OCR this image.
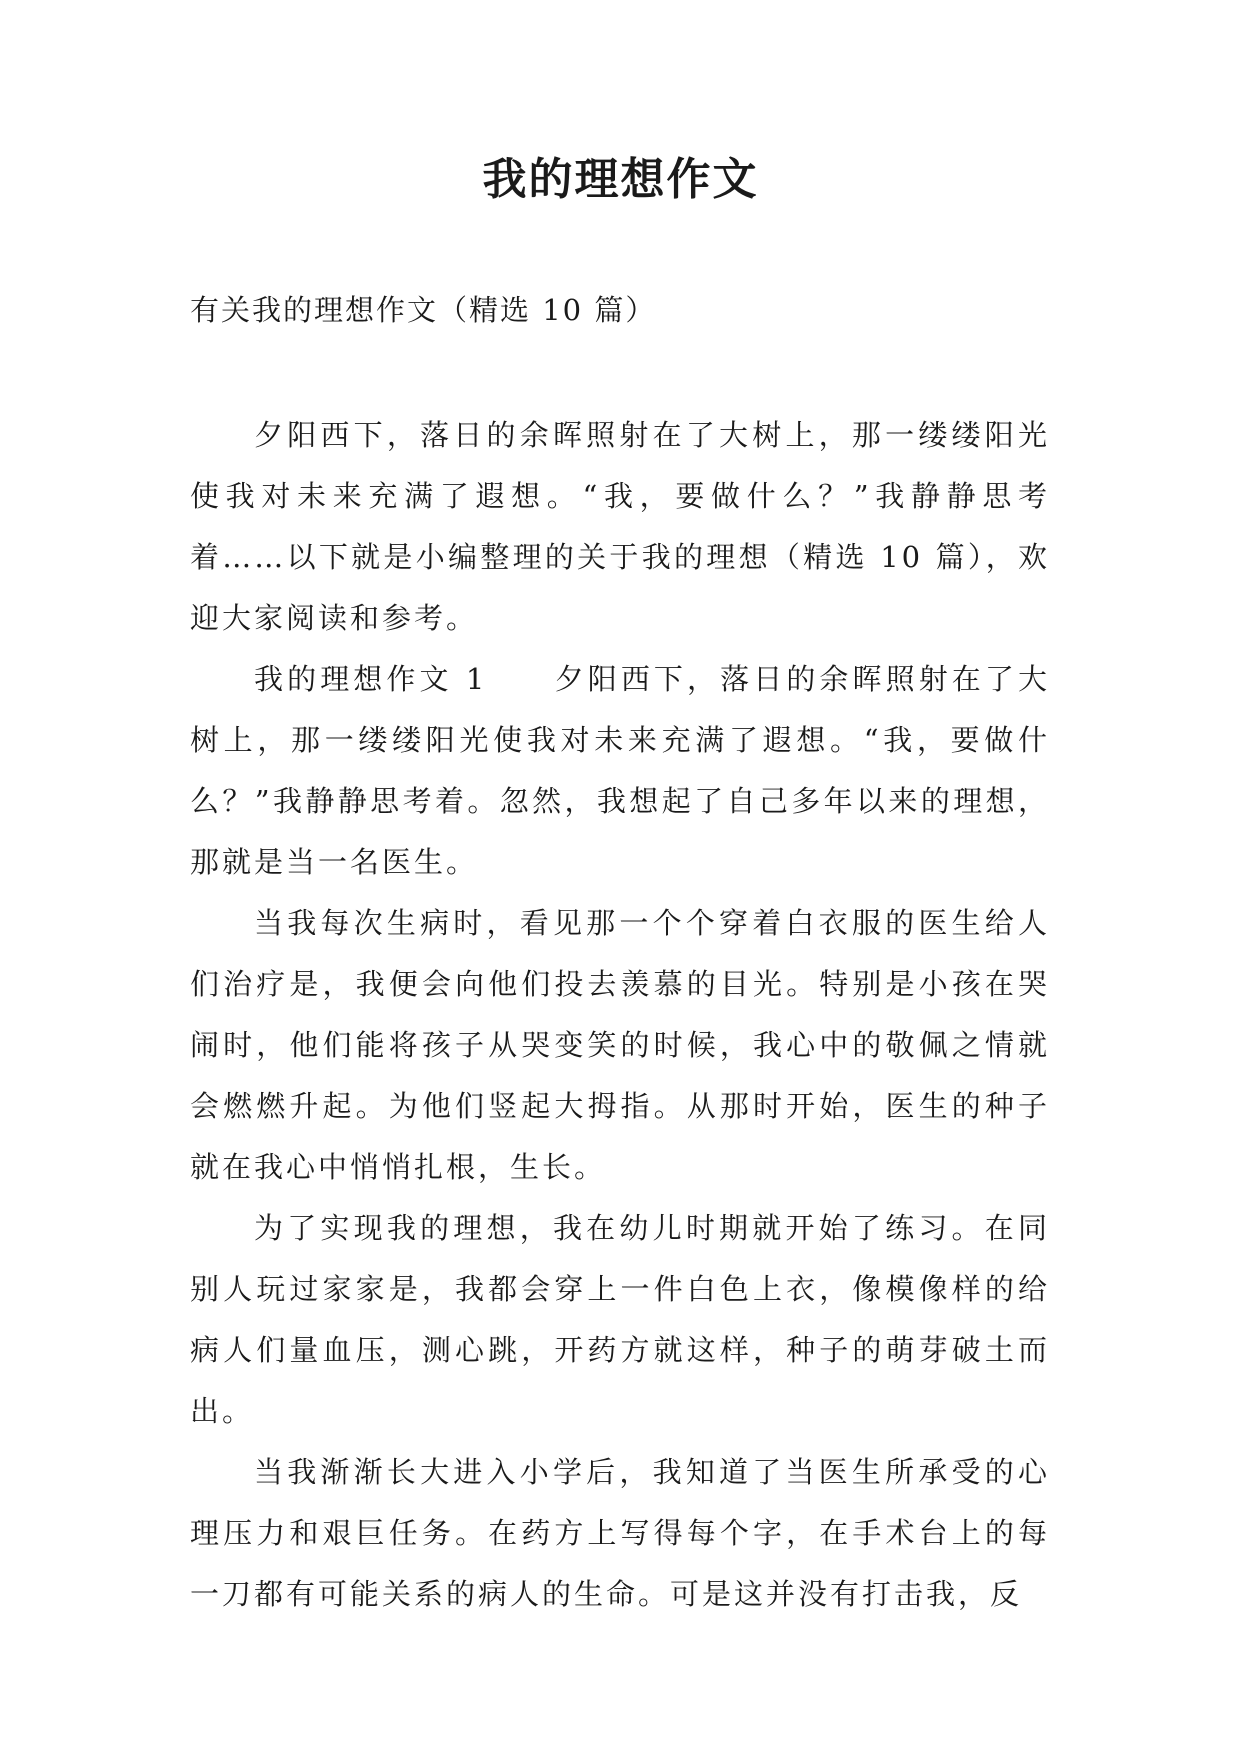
我的理想作文

有关我的理想作文（精选 10 篇）

夕阳西下，落日的余晖照射在了大树上，那一缕缕阳光使我对未来充满了遐想。“我，要做什么？”我静静思考着……以下就是小编整理的关于我的理想（精选 10 篇），欢迎大家阅读和参考。

我的理想作文 1　　夕阳西下，落日的余晖照射在了大树上，那一缕缕阳光使我对未来充满了遐想。“我，要做什么？”我静静思考着。忽然，我想起了自己多年以来的理想，那就是当一名医生。

当我每次生病时，看见那一个个穿着白衣服的医生给人们治疗是，我便会向他们投去羡慕的目光。特别是小孩在哭闹时，他们能将孩子从哭变笑的时候，我心中的敬佩之情就会燃燃升起。为他们竖起大拇指。从那时开始，医生的种子就在我心中悄悄扎根，生长。

为了实现我的理想，我在幼儿时期就开始了练习。在同别人玩过家家是，我都会穿上一件白色上衣，像模像样的给病人们量血压，测心跳，开药方就这样，种子的萌芽破土而出。

当我渐渐长大进入小学后，我知道了当医生所承受的心理压力和艰巨任务。在药方上写得每个字，在手术台上的每一刀都有可能关系的病人的生命。可是这并没有打击我，反
